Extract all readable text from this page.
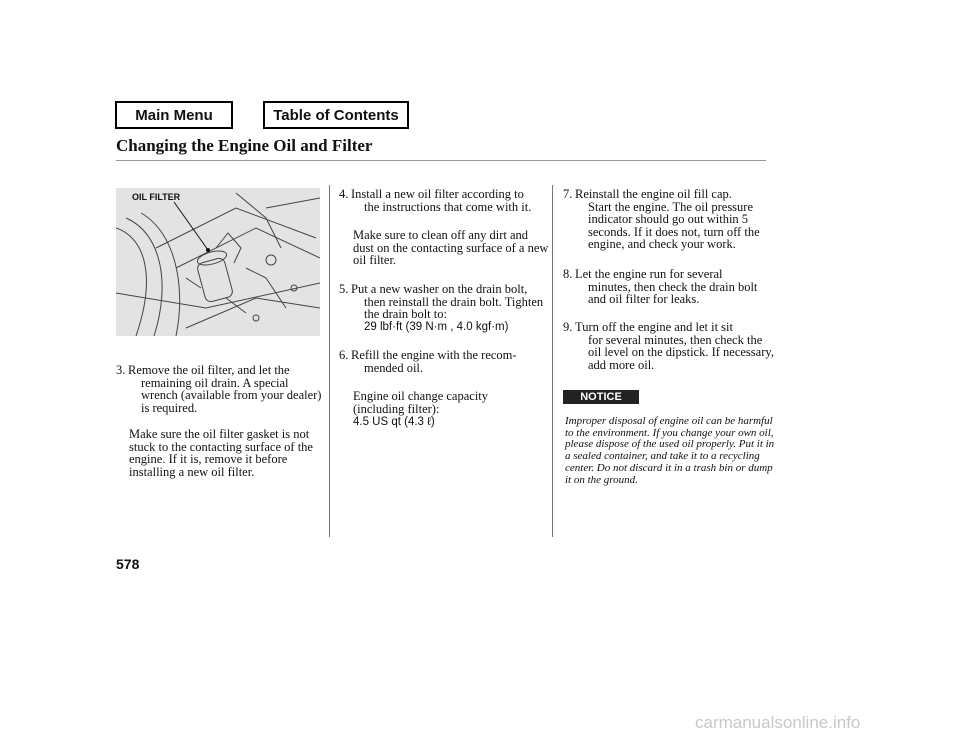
Main Menu	Table of Contents
Changing the Engine Oil and Filter
OIL FILTER
3. Remove the oil filter, and let the
remaining oil drain. A special wrench (available from your dealer) is required.
Make sure the oil filter gasket is not stuck to the contacting surface of the engine. If it is, remove it before installing a new oil filter.
4. Install a new oil filter according to
the instructions that come with it.
Make sure to clean off any dirt and dust on the contacting surface of a new oil filter.
5. Put a new washer on the drain bolt,
then reinstall the drain bolt. Tighten the drain bolt to:
29 lbf·ft (39 N·m , 4.0 kgf·m)
6. Refill the engine with the recom-
mended oil.
Engine oil change capacity (including filter):
4.5 US qt (4.3 ℓ)
7. Reinstall the engine oil fill cap.
Start the engine. The oil pressure indicator should go out within 5 seconds. If it does not, turn off the engine, and check your work.
8. Let the engine run for several
minutes, then check the drain bolt and oil filter for leaks.
9. Turn off the engine and let it sit
for several minutes, then check the oil level on the dipstick. If necessary, add more oil.
NOTICE
Improper disposal of engine oil can be harmful to the environment. If you change your own oil, please dispose of the used oil properly. Put it in a sealed container, and take it to a recycling center. Do not discard it in a trash bin or dump it on the ground.
578
carmanualsonline.info
